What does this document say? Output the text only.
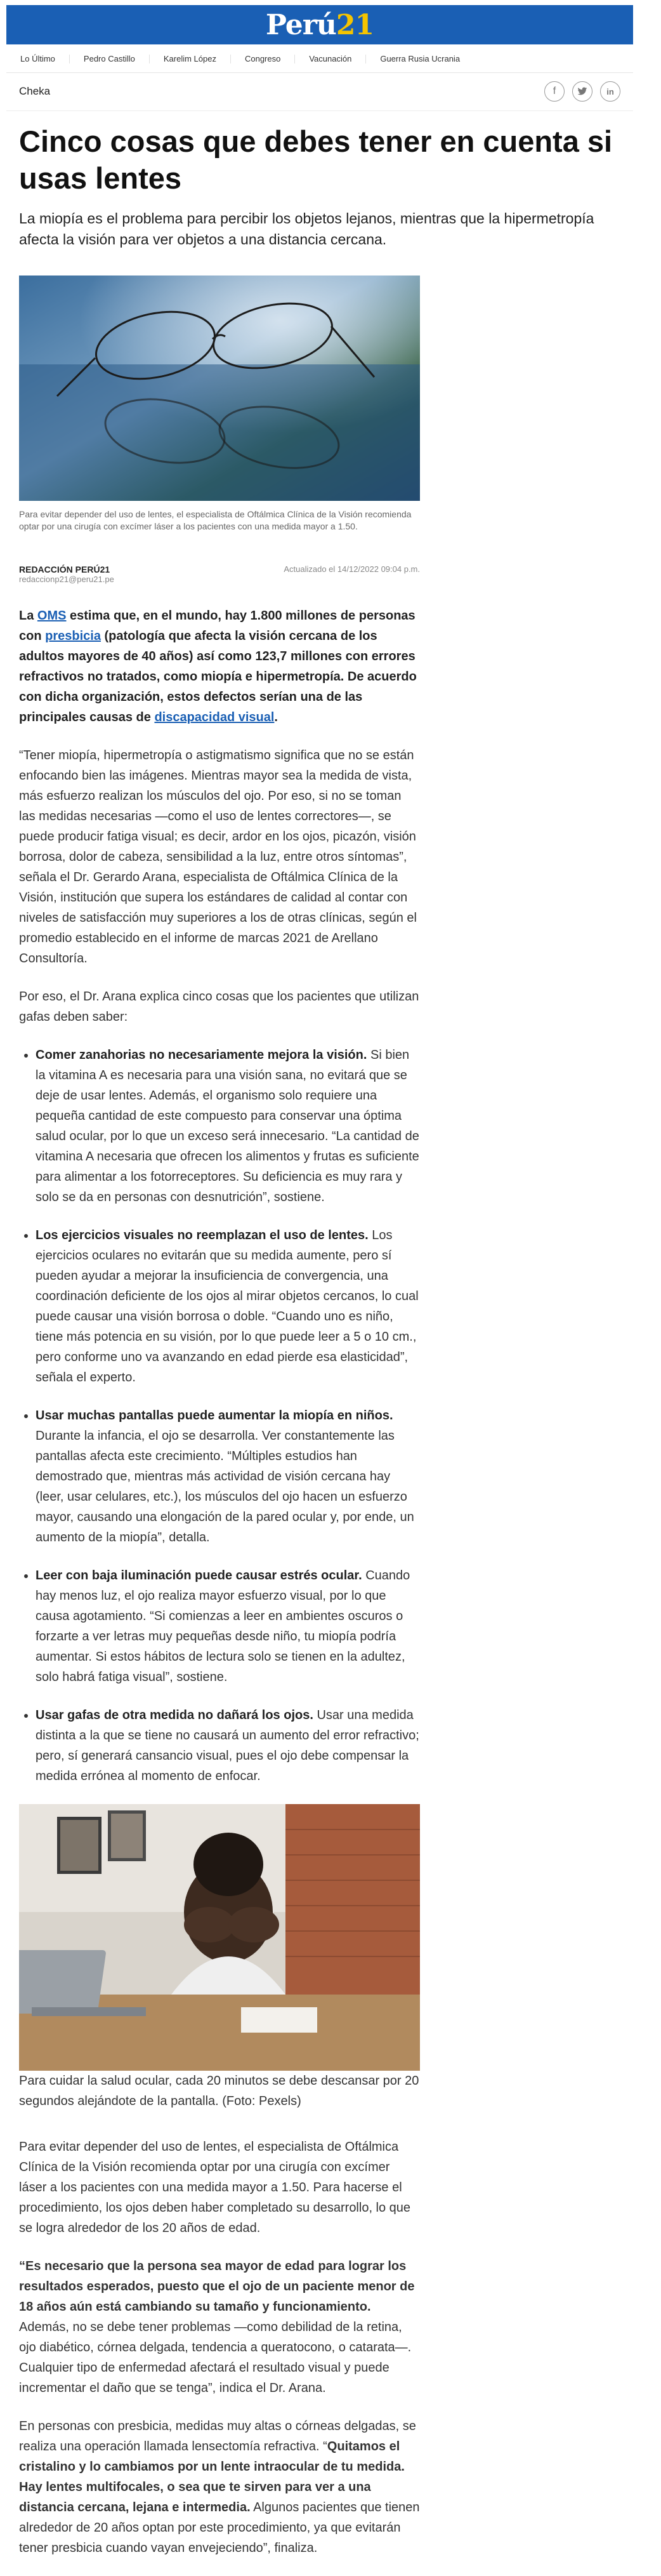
Perú21
Lo Último	Pedro Castillo	Karelim López	Congreso	Vacunación	Guerra Rusia Ucrania
Cheka	f	in
Cinco cosas que debes tener en cuenta si usas lentes

La miopía es el problema para percibir los objetos lejanos, mientras que la hipermetropía afecta la visión para ver objetos a una distancia cercana.

Para evitar depender del uso de lentes, el especialista de Oftálmica Clínica de la Visión recomienda optar por una cirugía con excímer láser a los pacientes con una medida mayor a 1.50.

REDACCIÓN PERÚ21
redaccionp21@peru21.pe
Actualizado el 14/12/2022 09:04 p.m.

La OMS estima que, en el mundo, hay 1.800 millones de personas con presbicia (patología que afecta la visión cercana de los adultos mayores de 40 años) así como 123,7 millones con errores refractivos no tratados, como miopía e hipermetropía. De acuerdo con dicha organización, estos defectos serían una de las principales causas de discapacidad visual.

“Tener miopía, hipermetropía o astigmatismo significa que no se están enfocando bien las imágenes. Mientras mayor sea la medida de vista, más esfuerzo realizan los músculos del ojo. Por eso, si no se toman las medidas necesarias —como el uso de lentes correctores—, se puede producir fatiga visual; es decir, ardor en los ojos, picazón, visión borrosa, dolor de cabeza, sensibilidad a la luz, entre otros síntomas”, señala el Dr. Gerardo Arana, especialista de Oftálmica Clínica de la Visión, institución que supera los estándares de calidad al contar con niveles de satisfacción muy superiores a los de otras clínicas, según el promedio establecido en el informe de marcas 2021 de Arellano Consultoría.

Por eso, el Dr. Arana explica cinco cosas que los pacientes que utilizan gafas deben saber:

• Comer zanahorias no necesariamente mejora la visión. Si bien la vitamina A es necesaria para una visión sana, no evitará que se deje de usar lentes. Además, el organismo solo requiere una pequeña cantidad de este compuesto para conservar una óptima salud ocular, por lo que un exceso será innecesario. “La cantidad de vitamina A necesaria que ofrecen los alimentos y frutas es suficiente para alimentar a los fotorreceptores. Su deficiencia es muy rara y solo se da en personas con desnutrición”, sostiene.
• Los ejercicios visuales no reemplazan el uso de lentes. Los ejercicios oculares no evitarán que su medida aumente, pero sí pueden ayudar a mejorar la insuficiencia de convergencia, una coordinación deficiente de los ojos al mirar objetos cercanos, lo cual puede causar una visión borrosa o doble. “Cuando uno es niño, tiene más potencia en su visión, por lo que puede leer a 5 o 10 cm., pero conforme uno va avanzando en edad pierde esa elasticidad”, señala el experto.
• Usar muchas pantallas puede aumentar la miopía en niños. Durante la infancia, el ojo se desarrolla. Ver constantemente las pantallas afecta este crecimiento. “Múltiples estudios han demostrado que, mientras más actividad de visión cercana hay (leer, usar celulares, etc.), los músculos del ojo hacen un esfuerzo mayor, causando una elongación de la pared ocular y, por ende, un aumento de la miopía”, detalla.
• Leer con baja iluminación puede causar estrés ocular. Cuando hay menos luz, el ojo realiza mayor esfuerzo visual, por lo que causa agotamiento. “Si comienzas a leer en ambientes oscuros o forzarte a ver letras muy pequeñas desde niño, tu miopía podría aumentar. Si estos hábitos de lectura solo se tienen en la adultez, solo habrá fatiga visual”, sostiene.
• Usar gafas de otra medida no dañará los ojos. Usar una medida distinta a la que se tiene no causará un aumento del error refractivo; pero, sí generará cansancio visual, pues el ojo debe compensar la medida errónea al momento de enfocar.

Para cuidar la salud ocular, cada 20 minutos se debe descansar por 20 segundos alejándote de la pantalla. (Foto: Pexels)

Para evitar depender del uso de lentes, el especialista de Oftálmica Clínica de la Visión recomienda optar por una cirugía con excímer láser a los pacientes con una medida mayor a 1.50. Para hacerse el procedimiento, los ojos deben haber completado su desarrollo, lo que se logra alrededor de los 20 años de edad.

“Es necesario que la persona sea mayor de edad para lograr los resultados esperados, puesto que el ojo de un paciente menor de 18 años aún está cambiando su tamaño y funcionamiento. Además, no se debe tener problemas —como debilidad de la retina, ojo diabético, córnea delgada, tendencia a queratocono, o catarata—. Cualquier tipo de enfermedad afectará el resultado visual y puede incrementar el daño que se tenga”, indica el Dr. Arana.

En personas con presbicia, medidas muy altas o córneas delgadas, se realiza una operación llamada lensectomía refractiva. “Quitamos el cristalino y lo cambiamos por un lente intraocular de tu medida. Hay lentes multifocales, o sea que te sirven para ver a una distancia cercana, lejana e intermedia. Algunos pacientes que tienen alrededor de 20 años optan por este procedimiento, ya que evitarán tener presbicia cuando vayan envejeciendo”, finaliza.
